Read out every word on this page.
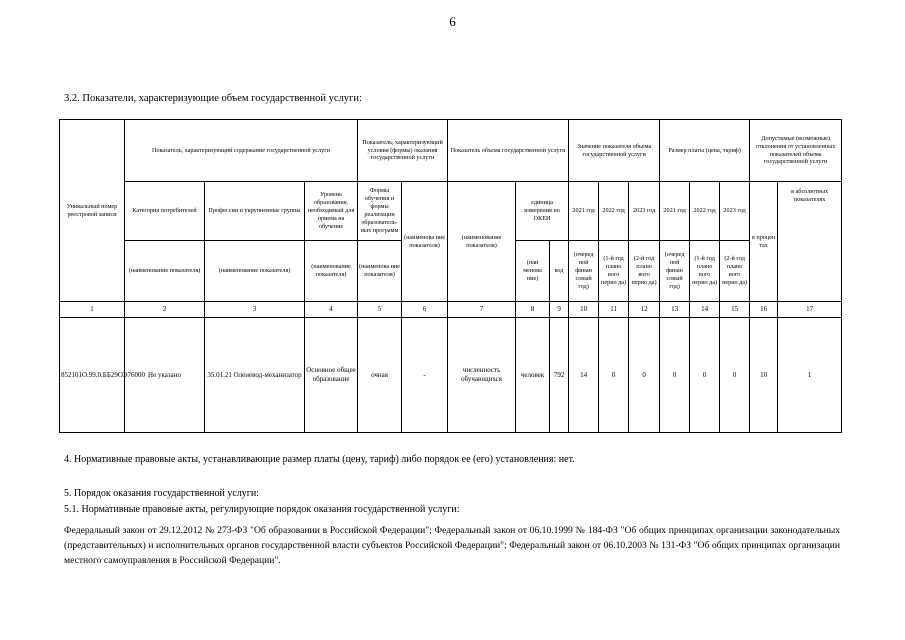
6
3.2. Показатели, характеризующие объем государственной услуги:
Уникальный номер реестровой записи	Показатель, характеризующий содержание государственной услуги			Показатель, характеризующий условия (формы) оказания государственной услуги		Показатель объема государственной услуги			Значение показателя объема государственной услуги			Размер платы (цена, тариф)			Допустимые (возможные) отклонения от установленных показателей объема государственной услуги	
	Категория потребителей	Профессии и укрупненные группы	Уровень образования, необходимый для приема на обучение	Формы обучения и формы реализации образователь-ных программ	(наименова ние показателя)	(наименование показателя)	единица измерения по ОКЕИ		2021 год	2022 год	2023 год	2021 год	2022 год	2023 год	в процен тах	в абсолютных показателях
	(наименование показателя)	(наименование показателя)	(наименование показателя)	(наименова ние показателя)			(наи менова ние)	код	(очеред ной финан совый год)	(1-й год плано вого перио да)	(2-й год плано вого перио да)	(очеред ной финан совый год)	(1-й год плано вого перио да)	(2-й год плано вого перио да)		
1	2	3	4	5	6	7	8	9	10	11	12	13	14	15	16	17
852101О.99.0.ББ29ОЭ76000	Не указано	35.01.21 Оленевод-механизатор	Основное общее образование	очная	-	численность обучающихся	человек	792	14	0	0	0	0	0	10	1
4. Нормативные правовые акты, устанавливающие размер платы (цену, тариф) либо порядок ее (его) установления: нет.
5. Порядок оказания государственной услуги:
5.1. Нормативные правовые акты, регулирующие порядок оказания государственной услуги:
Федеральный закон от 29.12.2012 № 273-ФЗ "Об образовании в Российской Федерации"; Федеральный закон от 06.10.1999 № 184-ФЗ "Об общих принципах организации законодательных (представительных) и исполнительных органов государственной власти субъектов Российской Федерации"; Федеральный закон от 06.10.2003 № 131-ФЗ "Об общих принципах организации местного самоуправления в Российской Федерации".
